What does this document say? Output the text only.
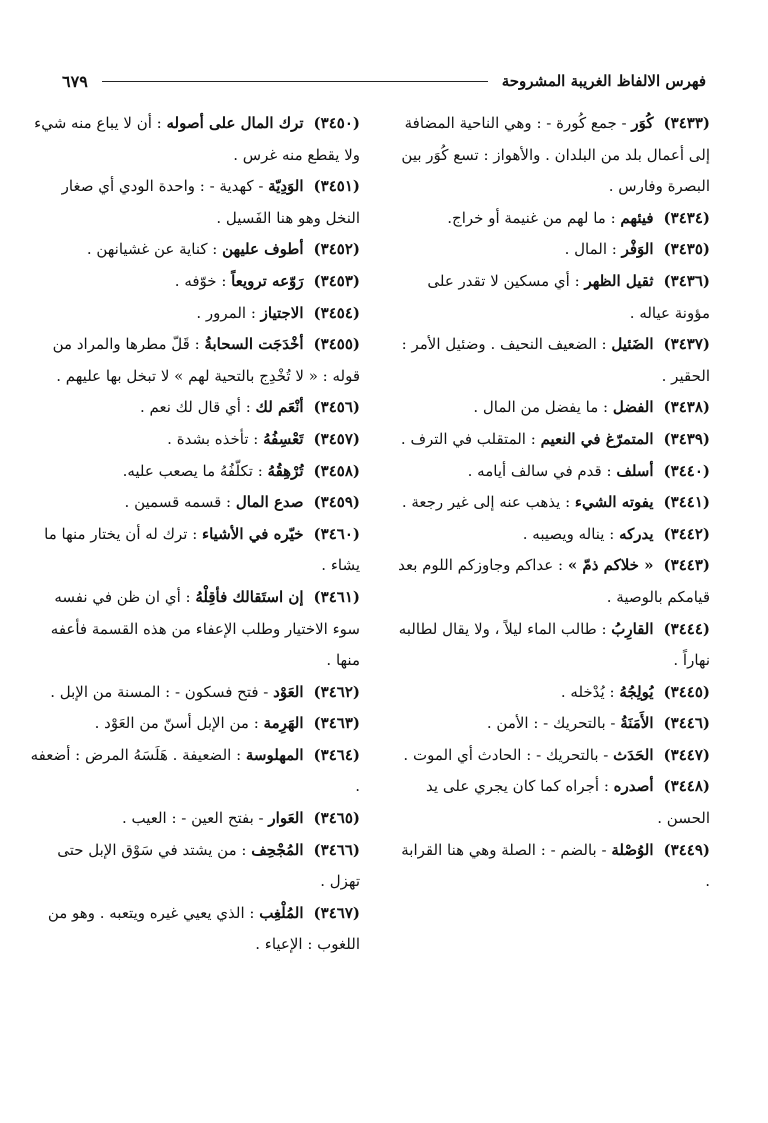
فهرس الالفاظ الغريبة المشروحة
٦٧٩

(٣٤٣٣)كُوَر - جمع كُورة - : وهي الناحية المضافة إلى أعمال بلد من البلدان . والأهواز : تسع كُوَر بين البصرة وفارس .

(٣٤٣٤)فيئهم : ما لهم من غنيمة أو خراج.

(٣٤٣٥)الوَفْر : المال .

(٣٤٣٦)ثقيل الظهر : أي مسكين لا تقدر على مؤونة عياله .

(٣٤٣٧)الضَئيل : الضعيف النحيف . وضئيل الأمر : الحقير .

(٣٤٣٨)الفضل : ما يفضل من المال .

(٣٤٣٩)المتمرّغ في النعيم : المتقلب في الترف .

(٣٤٤٠)أسلف : قدم في سالف أيامه .

(٣٤٤١)يفوته الشيء : يذهب عنه إلى غير رجعة .

(٣٤٤٢)يدركه : يناله ويصيبه .

(٣٤٤٣)« خلاكم ذمّ » : عداكم وجاوزكم اللوم بعد قيامكم بالوصية .

(٣٤٤٤)القارِبُ : طالب الماء ليلاً ، ولا يقال لطالبه نهاراً .

(٣٤٤٥)يُولِجُهُ : يُدْخله .

(٣٤٤٦)الأَمَنَةُ - بالتحريك - : الأمن .

(٣٤٤٧)الحَدَث - بالتحريك - : الحادث أي الموت .

(٣٤٤٨)أصدره : أجراه كما كان يجري على يد الحسن .

(٣٤٤٩)الوُصْلة - بالضم - : الصلة وهي هنا القرابة .

(٣٤٥٠)ترك المال على أصوله : أن لا يباع منه شيء ولا يقطع منه غرس .

(٣٤٥١)الوَدِيّة - كهدية - : واحدة الودي أي صغار النخل وهو هنا الفَسيل .

(٣٤٥٢)أطوف عليهن : كناية عن غشيانهن .

(٣٤٥٣)رَوّعه ترويعاً : خوّفه .

(٣٤٥٤)الاجتياز : المرور .

(٣٤٥٥)أخْدَجَت السحابةُ : قَلّ مطرها والمراد من قوله : « لا تُخْدِج بالتحية لهم » لا تبخل بها عليهم .

(٣٤٥٦)أنْعَم لك : أي قال لك نعم .

(٣٤٥٧)تَعْسِفُهُ : تأخذه بشدة .

(٣٤٥٨)تُرْهِقُهُ : تكلّفُهُ ما يصعب عليه.

(٣٤٥٩)صدع المال : قسمه قسمين .

(٣٤٦٠)خيّره في الأشياء : ترك له أن يختار منها ما يشاء .

(٣٤٦١)إن استَقالك فأقِلْهُ : أي ان ظن في نفسه سوء الاختيار وطلب الإعفاء من هذه القسمة فأعفه منها .

(٣٤٦٢)العَوْد - فتح فسكون - : المسنة من الإبل .

(٣٤٦٣)الهَرِمة : من الإبل أسنّ من العَوْد .

(٣٤٦٤)المهلوسة : الضعيفة . هَلَسَهُ المرض : أضعفه .

(٣٤٦٥)العَوار - بفتح العين - : العيب .

(٣٤٦٦)المُجْحِف : من يشتد في سَوْق الإبل حتى تهزل .

(٣٤٦٧)المُلْغِب : الذي يعيي غيره ويتعبه . وهو من اللغوب : الإعياء .
